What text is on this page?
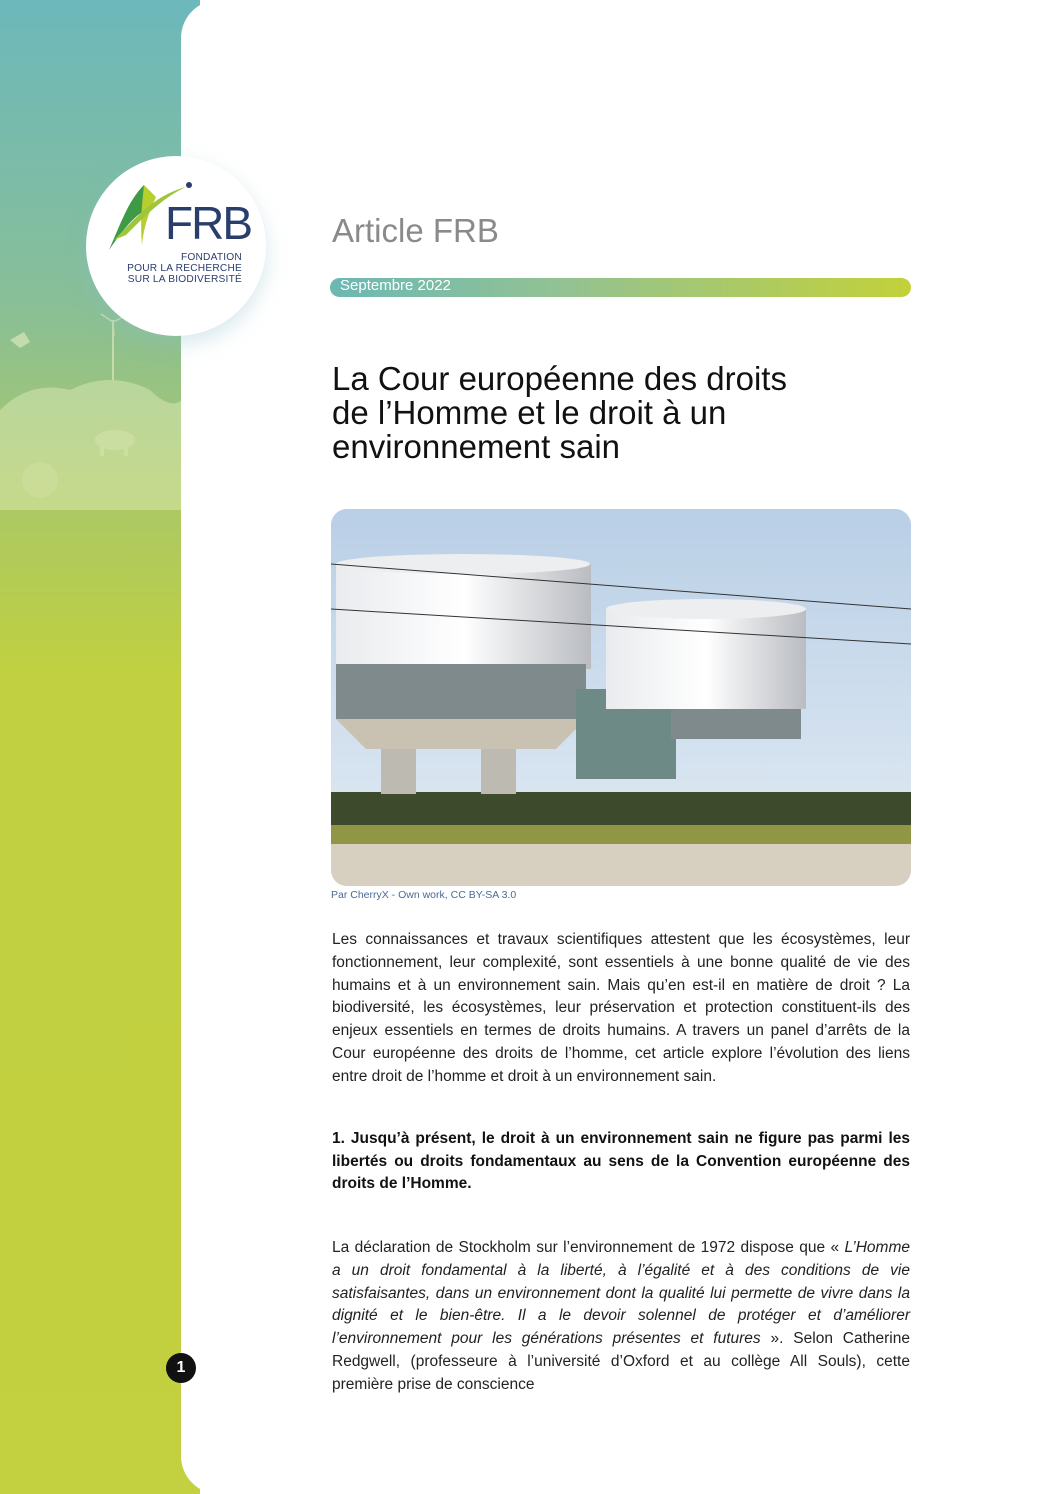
FRB
FONDATION
POUR LA RECHERCHE
SUR LA BIODIVERSITÉ
Article FRB
Septembre 2022
La Cour européenne des droits
de l’Homme et le droit à un
environnement sain
Par CherryX - Own work, CC BY-SA 3.0

Les connaissances et travaux scientifiques attestent que les écosystèmes, leur fonctionnement, leur complexité, sont essentiels à une bonne qualité de vie des humains et à un environnement sain. Mais qu’en est-il en matière de droit ? La biodiversité, les écosystèmes, leur préservation et protection constituent-ils des enjeux essentiels en termes de droits humains. A travers un panel d’arrêts de la Cour européenne des droits de l’homme, cet article explore l’évolution des liens entre droit de l’homme et droit à un environnement sain.

1. Jusqu’à présent, le droit à un environnement sain ne figure pas parmi les libertés ou droits fondamentaux au sens de la Convention européenne des droits de l’Homme.

La déclaration de Stockholm sur l’environnement de 1972 dispose que « L’Homme a un droit fondamental à la liberté, à l’égalité et à des conditions de vie satisfaisantes, dans un environnement dont la qualité lui permette de vivre dans la dignité et le bien-être. Il a le devoir solennel de protéger et d’améliorer l’environnement pour les générations présentes et futures ». Selon Catherine Redgwell, (professeure à l’université d’Oxford et au collège All Souls), cette première prise de conscience

1
